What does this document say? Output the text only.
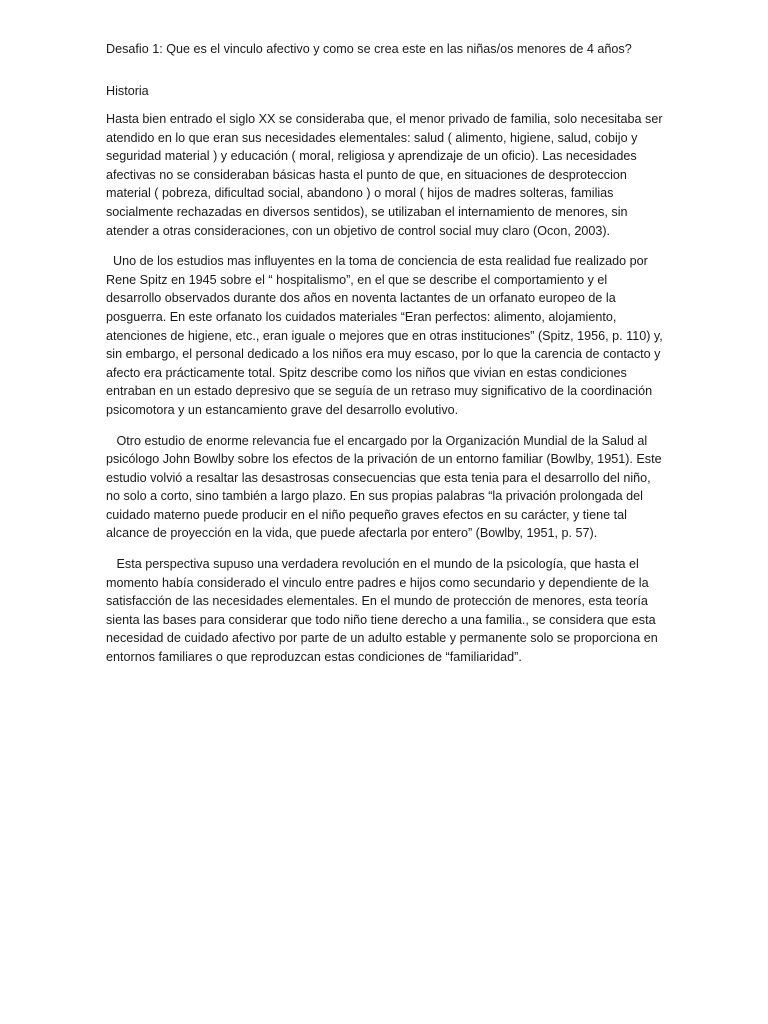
Desafio 1: Que es el vinculo afectivo y como se crea este en las niñas/os menores de 4 años?

Historia

Hasta bien entrado el siglo XX se consideraba que, el menor privado de familia, solo necesitaba ser atendido en lo que eran sus necesidades elementales: salud ( alimento, higiene, salud, cobijo y seguridad material ) y educación ( moral, religiosa y aprendizaje de un oficio). Las necesidades afectivas no se consideraban básicas hasta el punto de que, en situaciones de desproteccion material ( pobreza, dificultad social, abandono ) o moral ( hijos de madres solteras, familias socialmente rechazadas en diversos sentidos), se utilizaban el internamiento de menores, sin atender a otras consideraciones, con un objetivo de control social muy claro (Ocon, 2003).

Uno de los estudios mas influyentes en la toma de conciencia de esta realidad fue realizado por Rene Spitz en 1945 sobre el “ hospitalismo”, en el que se describe el comportamiento y el desarrollo observados durante dos años en noventa lactantes de un orfanato europeo de la posguerra. En este orfanato los cuidados materiales “Eran perfectos: alimento, alojamiento, atenciones de higiene, etc., eran iguale o mejores que en otras instituciones” (Spitz, 1956, p. 110) y, sin embargo, el personal dedicado a los niños era muy escaso, por lo que la carencia de contacto y afecto era prácticamente total. Spitz describe como los niños que vivian en estas condiciones entraban en un estado depresivo que se seguía de un retraso muy significativo de la coordinación psicomotora y un estancamiento grave del desarrollo evolutivo.

Otro estudio de enorme relevancia fue el encargado por la Organización Mundial de la Salud al psicólogo John Bowlby sobre los efectos de la privación de un entorno familiar (Bowlby, 1951). Este estudio volvió a resaltar las desastrosas consecuencias que esta tenia para el desarrollo del niño, no solo a corto, sino también a largo plazo. En sus propias palabras “la privación prolongada del cuidado materno puede producir en el niño pequeño graves efectos en su carácter, y tiene tal alcance de proyección en la vida, que puede afectarla por entero” (Bowlby, 1951, p. 57).

Esta perspectiva supuso una verdadera revolución en el mundo de la psicología, que hasta el momento había considerado el vinculo entre padres e hijos como secundario y dependiente de la satisfacción de las necesidades elementales. En el mundo de protección de menores, esta teoría sienta las bases para considerar que todo niño tiene derecho a una familia., se considera que esta necesidad de cuidado afectivo por parte de un adulto estable y permanente solo se proporciona en entornos familiares o que reproduzcan estas condiciones de “familiaridad”.
